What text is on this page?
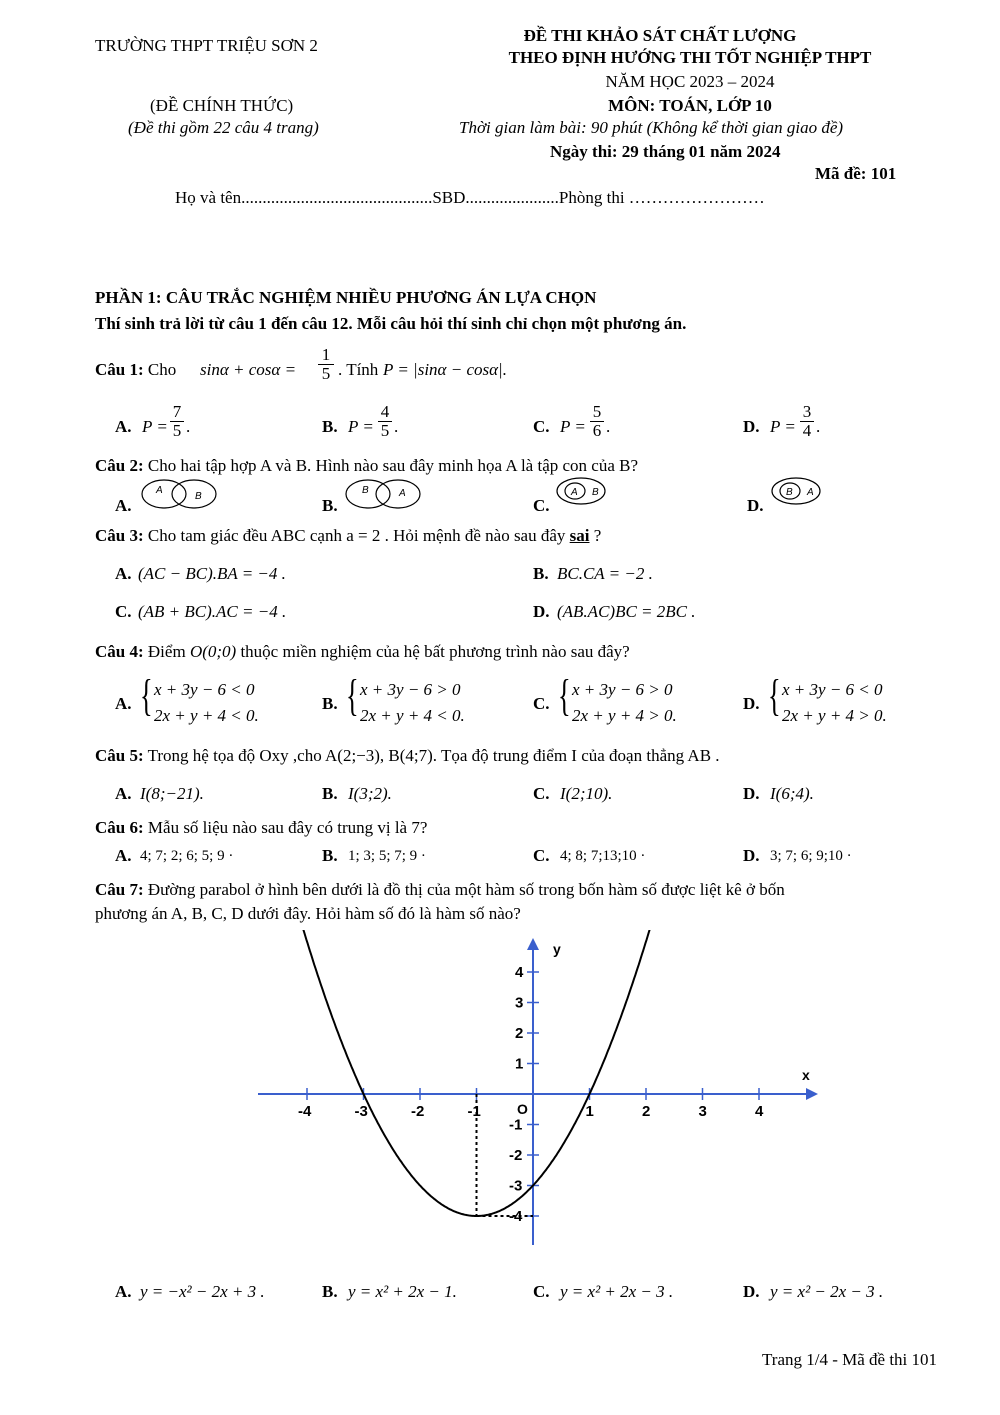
TRƯỜNG THPT TRIỆU SƠN 2
(ĐỀ CHÍNH THỨC)
(Đề thi gồm 22 câu 4 trang)
ĐỀ THI KHẢO SÁT CHẤT LƯỢNG
THEO ĐỊNH HƯỚNG THI TỐT NGHIỆP THPT
NĂM HỌC 2023 – 2024
MÔN: TOÁN, LỚP 10
Thời gian làm bài: 90 phút (Không kể thời gian giao đề)
Ngày thi: 29 tháng 01 năm 2024
Mã đề: 101
Họ và tên.............................................SBD......................Phòng thi ……………………
PHẦN 1: CÂU TRẮC NGHIỆM NHIỀU PHƯƠNG ÁN LỰA CHỌN
Thí sinh trả lời từ câu 1 đến câu 12. Mỗi câu hỏi thí sinh chỉ chọn một phương án.
Câu 1: Cho sinα + cosα =
1
5 . Tính P = |sinα − cosα|.
A. P =
7
5 .	B. P =
4
5 .	C. P =
5
6 .	D. P =
3
4 .
Câu 2: Cho hai tập hợp A và B. Hình nào sau đây minh họa A là tập con của B?
A.
A
B	B.
B	A
C.
A B
D.
B A
Câu 3: Cho tam giác đều ABC cạnh a = 2 . Hỏi mệnh đề nào sau đây sai ?
A. (AC − BC).BA = −4 .	B. BC.CA = −2 .
C. (AB + BC).AC = −4 .	D. (AB.AC)BC = 2BC .
Câu 4: Điểm O(0;0) thuộc miền nghiệm của hệ bất phương trình nào sau đây?
A. { x + 3y − 6 < 0
2x + y + 4 < 0.
B. { x + 3y − 6 > 0
2x + y + 4 < 0.
C. { x + 3y − 6 > 0
2x + y + 4 > 0.
D. { x + 3y − 6 < 0
2x + y + 4 > 0.
Câu 5: Trong hệ tọa độ Oxy ,cho A(2;−3), B(4;7). Tọa độ trung điểm I của đoạn thẳng AB .
A. I(8;−21).	B. I(3;2).	C. I(2;10).	D. I(6;4).
Câu 6: Mẫu số liệu nào sau đây có trung vị là 7?
A. 4; 7; 2; 6; 5; 9 ·	B. 1; 3; 5; 7; 9 ·	C. 4; 8; 7;13;10 ·	D. 3; 7; 6; 9;10 ·
Câu 7: Đường parabol ở hình bên dưới là đồ thị của một hàm số trong bốn hàm số được liệt kê ở bốn
phương án A, B, C, D dưới đây. Hỏi hàm số đó là hàm số nào?
x
y
O
-4	-3	-2	-1	1	2	3	4
4
3
2
1
-1
-2
-3
-4
A. y = −x² − 2x + 3 .	B. y = x² + 2x − 1.	C. y = x² + 2x − 3 .	D. y = x² − 2x − 3 .
Trang 1/4 - Mã đề thi 101
